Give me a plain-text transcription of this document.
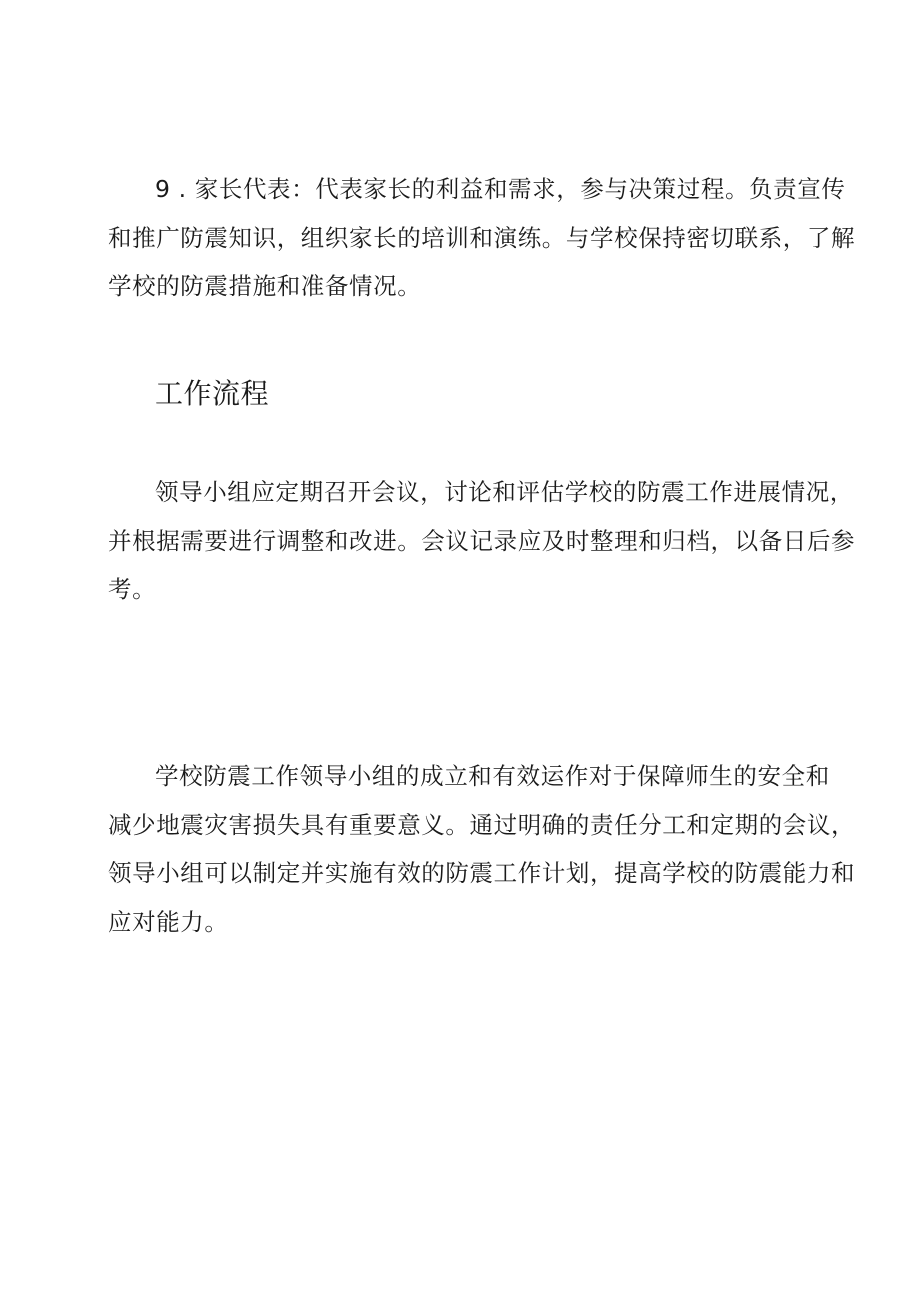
9 . 家长代表：代表家长的利益和需求，参与决策过程。负责宣传
和推广防震知识，组织家长的培训和演练。与学校保持密切联系，了解
学校的防震措施和准备情况。

工作流程

领导小组应定期召开会议，讨论和评估学校的防震工作进展情况，
并根据需要进行调整和改进。会议记录应及时整理和归档，以备日后参
考。

学校防震工作领导小组的成立和有效运作对于保障师生的安全和
减少地震灾害损失具有重要意义。通过明确的责任分工和定期的会议，
领导小组可以制定并实施有效的防震工作计划，提高学校的防震能力和
应对能力。
